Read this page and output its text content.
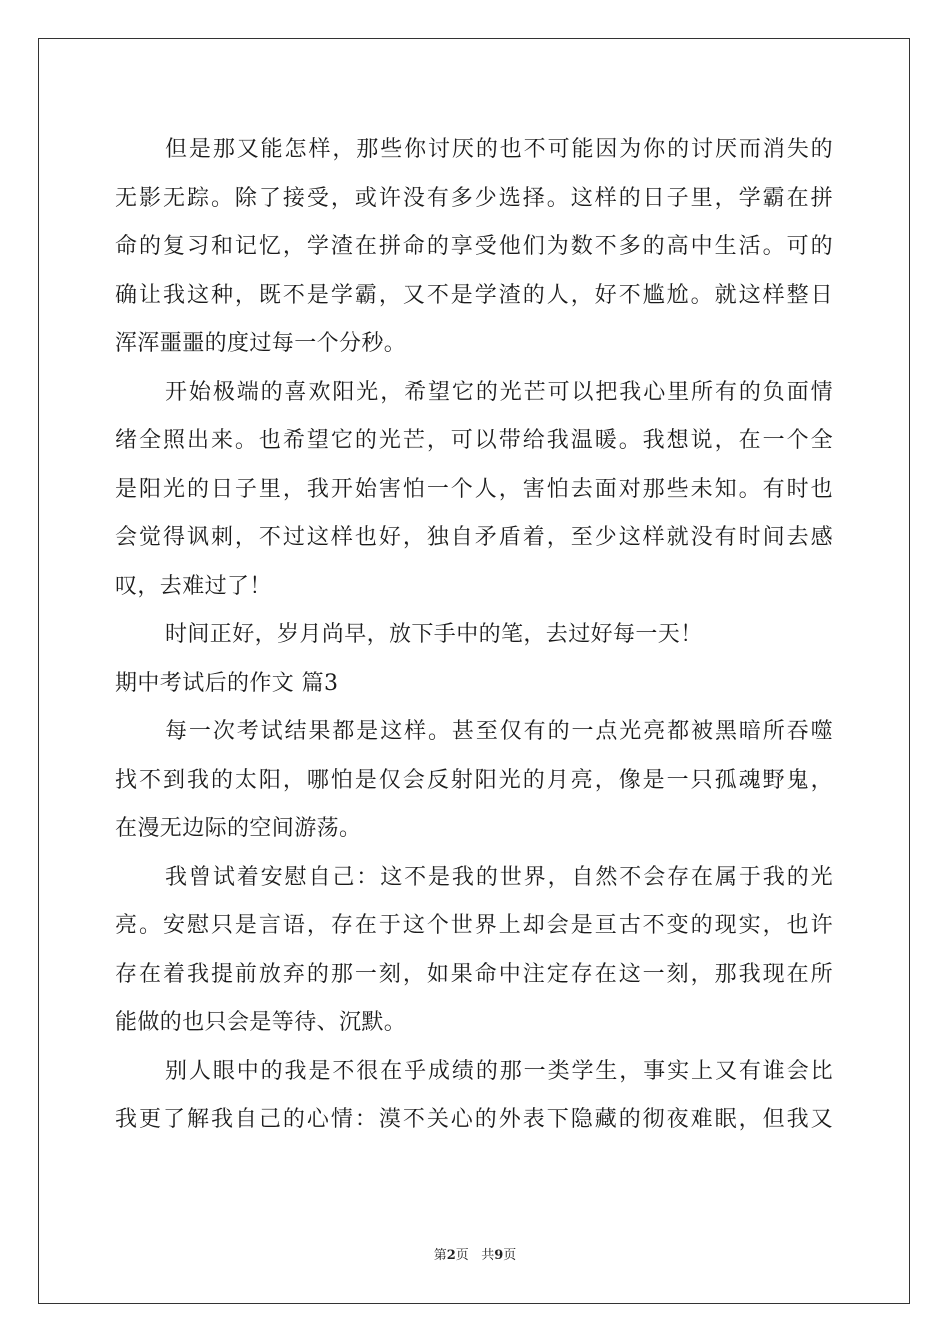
但是那又能怎样，那些你讨厌的也不可能因为你的讨厌而消失的
无影无踪。除了接受，或许没有多少选择。这样的日子里，学霸在拼
命的复习和记忆，学渣在拼命的享受他们为数不多的高中生活。可的
确让我这种，既不是学霸，又不是学渣的人，好不尴尬。就这样整日
浑浑噩噩的度过每一个分秒。
开始极端的喜欢阳光，希望它的光芒可以把我心里所有的负面情
绪全照出来。也希望它的光芒，可以带给我温暖。我想说，在一个全
是阳光的日子里，我开始害怕一个人，害怕去面对那些未知。有时也
会觉得讽刺，不过这样也好，独自矛盾着，至少这样就没有时间去感
叹，去难过了！
时间正好，岁月尚早，放下手中的笔，去过好每一天！
期中考试后的作文 篇3
每一次考试结果都是这样。甚至仅有的一点光亮都被黑暗所吞噬
找不到我的太阳，哪怕是仅会反射阳光的月亮，像是一只孤魂野鬼，
在漫无边际的空间游荡。
我曾试着安慰自己：这不是我的世界，自然不会存在属于我的光
亮。安慰只是言语，存在于这个世界上却会是亘古不变的现实，也许
存在着我提前放弃的那一刻，如果命中注定存在这一刻，那我现在所
能做的也只会是等待、沉默。
别人眼中的我是不很在乎成绩的那一类学生，事实上又有谁会比
我更了解我自己的心情：漠不关心的外表下隐藏的彻夜难眠，但我又
第2页 共9页
